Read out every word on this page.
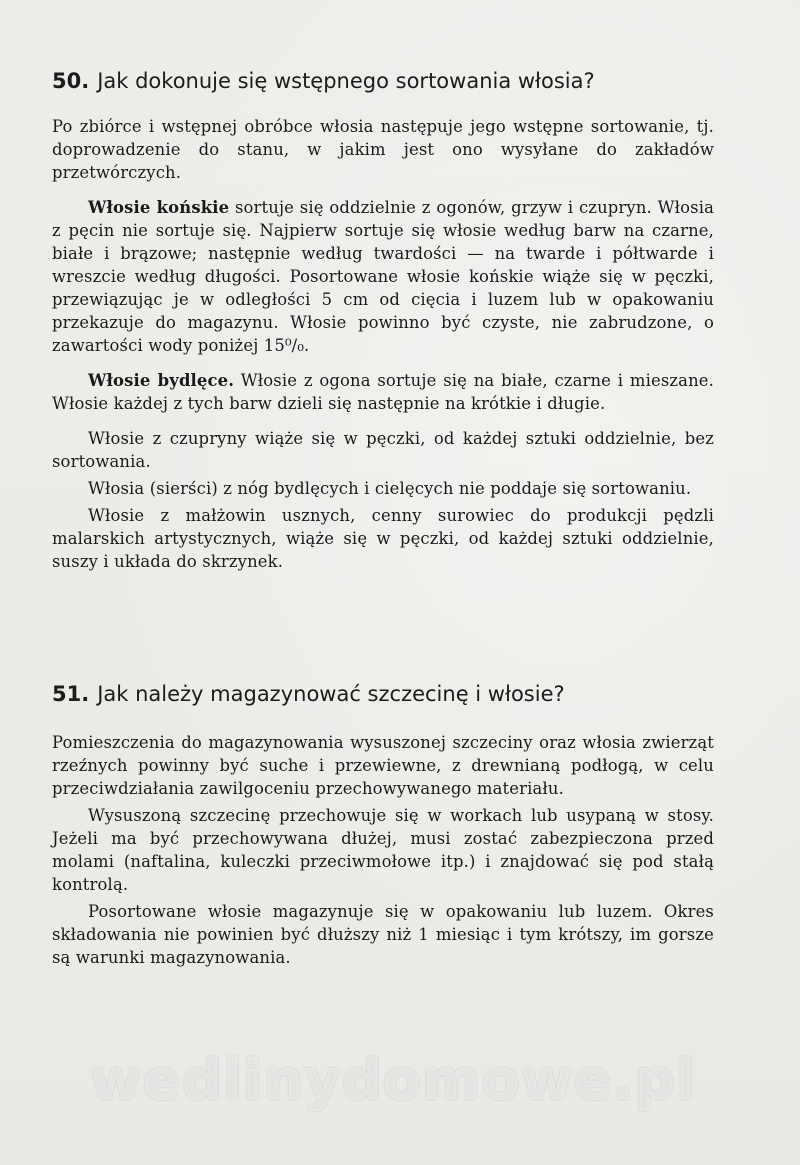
50. Jak dokonuje się wstępnego sortowania włosia?

Po zbiórce i wstępnej obróbce włosia następuje jego wstępne sortowanie, tj. doprowadzenie do stanu, w jakim jest ono wysyłane do zakładów przetwórczych.

Włosie końskie sortuje się oddzielnie z ogonów, grzyw i czupryn. Włosia z pęcin nie sortuje się. Najpierw sortuje się włosie według barw na czarne, białe i brązowe; następnie według twardości — na twarde i półtwarde i wreszcie według długości. Posortowane włosie końskie wiąże się w pęczki, przewiązując je w odległości 5 cm od cięcia i luzem lub w opakowaniu przekazuje do magazynu. Włosie powinno być czyste, nie zabrudzone, o zawartości wody poniżej 15⁰/₀.

Włosie bydlęce. Włosie z ogona sortuje się na białe, czarne i mieszane. Włosie każdej z tych barw dzieli się następnie na krótkie i długie.

Włosie z czupryny wiąże się w pęczki, od każdej sztuki oddzielnie, bez sortowania.

Włosia (sierści) z nóg bydlęcych i cielęcych nie poddaje się sortowaniu.

Włosie z małżowin usznych, cenny surowiec do produkcji pędzli malarskich artystycznych, wiąże się w pęczki, od każdej sztuki oddzielnie, suszy i układa do skrzynek.

51. Jak należy magazynować szczecinę i włosie?

Pomieszczenia do magazynowania wysuszonej szczeciny oraz włosia zwierząt rzeźnych powinny być suche i przewiewne, z drewnianą podłogą, w celu przeciwdziałania zawilgoceniu przechowywanego materiału.

Wysuszoną szczecinę przechowuje się w workach lub usypaną w stosy. Jeżeli ma być przechowywana dłużej, musi zostać zabezpieczona przed molami (naftalina, kuleczki przeciwmołowe itp.) i znajdować się pod stałą kontrolą.

Posortowane włosie magazynuje się w opakowaniu lub luzem. Okres składowania nie powinien być dłuższy niż 1 miesiąc i tym krótszy, im gorsze są warunki magazynowania.

wedlinydomowe.pl
